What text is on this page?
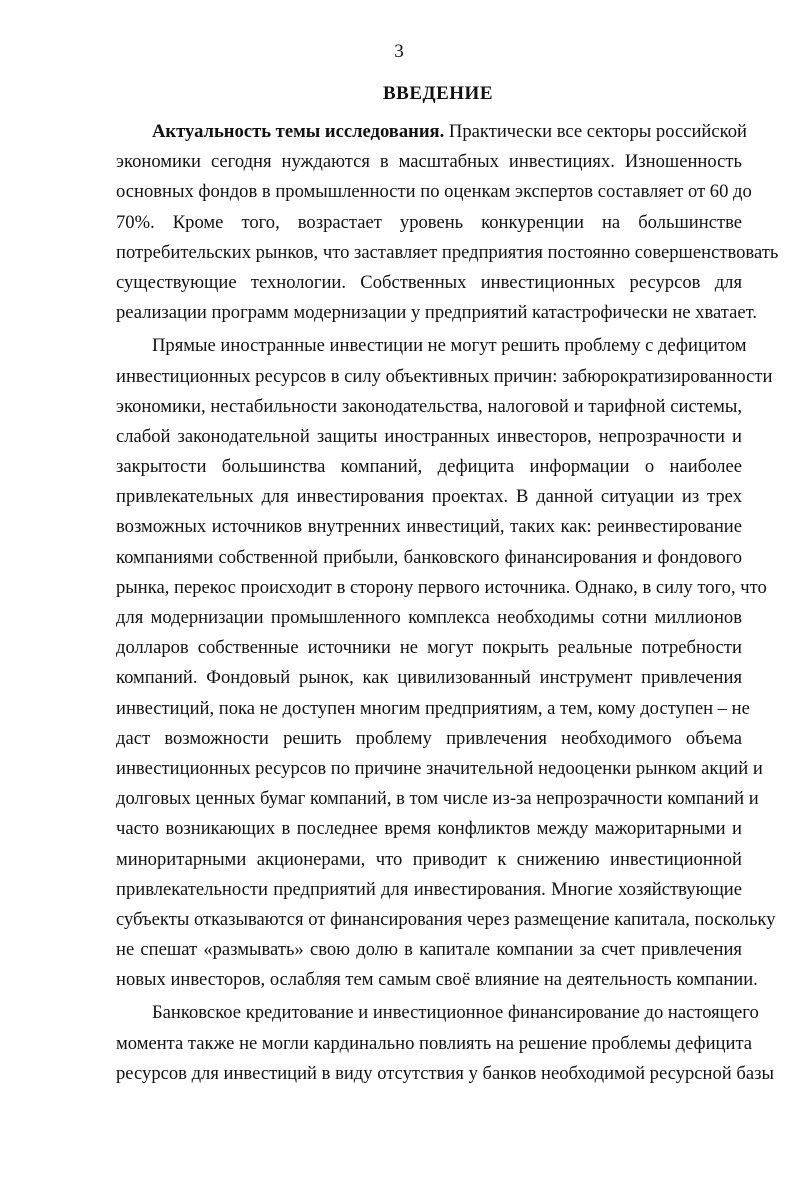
3
ВВЕДЕНИЕ
Актуальность темы исследования. Практически все секторы российской
экономики сегодня нуждаются в масштабных инвестициях. Изношенность
основных фондов в промышленности по оценкам экспертов составляет от 60 до
70%. Кроме того, возрастает уровень конкуренции на большинстве
потребительских рынков, что заставляет предприятия постоянно совершенствовать
существующие технологии. Собственных инвестиционных ресурсов для
реализации программ модернизации у предприятий катастрофически не хватает.
Прямые иностранные инвестиции не могут решить проблему с дефицитом
инвестиционных ресурсов в силу объективных причин: забюрократизированности
экономики, нестабильности законодательства, налоговой и тарифной системы,
слабой законодательной защиты иностранных инвесторов, непрозрачности и
закрытости большинства компаний, дефицита информации о наиболее
привлекательных для инвестирования проектах. В данной ситуации из трех
возможных источников внутренних инвестиций, таких как: реинвестирование
компаниями собственной прибыли, банковского финансирования и фондового
рынка, перекос происходит в сторону первого источника. Однако, в силу того, что
для модернизации промышленного комплекса необходимы сотни миллионов
долларов собственные источники не могут покрыть реальные потребности
компаний. Фондовый рынок, как цивилизованный инструмент привлечения
инвестиций, пока не доступен многим предприятиям, а тем, кому доступен – не
даст возможности решить проблему привлечения необходимого объема
инвестиционных ресурсов по причине значительной недооценки рынком акций и
долговых ценных бумаг компаний, в том числе из-за непрозрачности компаний и
часто возникающих в последнее время конфликтов между мажоритарными и
миноритарными акционерами, что приводит к снижению инвестиционной
привлекательности предприятий для инвестирования. Многие хозяйствующие
субъекты отказываются от финансирования через размещение капитала, поскольку
не спешат «размывать» свою долю в капитале компании за счет привлечения
новых инвесторов, ослабляя тем самым своё влияние на деятельность компании.
Банковское кредитование и инвестиционное финансирование до настоящего
момента также не могли кардинально повлиять на решение проблемы дефицита
ресурсов для инвестиций в виду отсутствия у банков необходимой ресурсной базы
